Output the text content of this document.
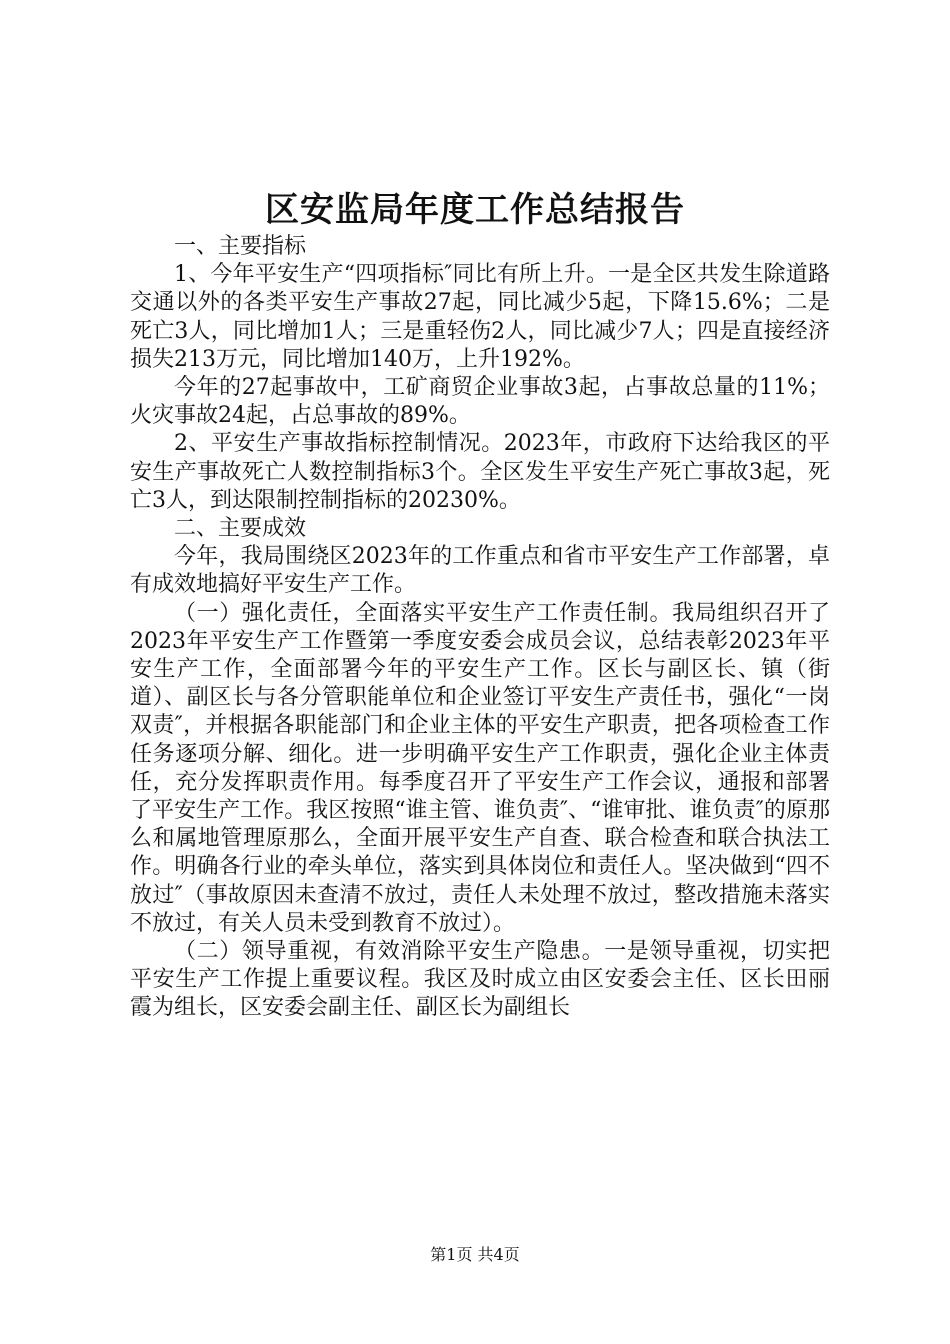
区安监局年度工作总结报告

一、主要指标

1、今年平安生产“四项指标″同比有所上升。一是全区共发生除道路交通以外的各类平安生产事故27起，同比减少5起，下降15.6%；二是死亡3人，同比增加1人；三是重轻伤2人，同比减少7人；四是直接经济损失213万元，同比增加140万，上升192%。

今年的27起事故中，工矿商贸企业事故3起，占事故总量的11%；火灾事故24起，占总事故的89%。

2、平安生产事故指标控制情况。2023年，市政府下达给我区的平安生产事故死亡人数控制指标3个。全区发生平安生产死亡事故3起，死亡3人，到达限制控制指标的20230%。

二、主要成效

今年，我局围绕区2023年的工作重点和省市平安生产工作部署，卓有成效地搞好平安生产工作。

（一）强化责任，全面落实平安生产工作责任制。我局组织召开了2023年平安生产工作暨第一季度安委会成员会议，总结表彰2023年平安生产工作，全面部署今年的平安生产工作。区长与副区长、镇（街道）、副区长与各分管职能单位和企业签订平安生产责任书，强化“一岗双责″，并根据各职能部门和企业主体的平安生产职责，把各项检查工作任务逐项分解、细化。进一步明确平安生产工作职责，强化企业主体责任，充分发挥职责作用。每季度召开了平安生产工作会议，通报和部署了平安生产工作。我区按照“谁主管、谁负责″、“谁审批、谁负责″的原那么和属地管理原那么，全面开展平安生产自查、联合检查和联合执法工作。明确各行业的牵头单位，落实到具体岗位和责任人。坚决做到“四不放过″（事故原因未查清不放过，责任人未处理不放过，整改措施未落实不放过，有关人员未受到教育不放过）。

（二）领导重视，有效消除平安生产隐患。一是领导重视，切实把平安生产工作提上重要议程。我区及时成立由区安委会主任、区长田丽霞为组长，区安委会副主任、副区长为副组长

第1页 共4页
